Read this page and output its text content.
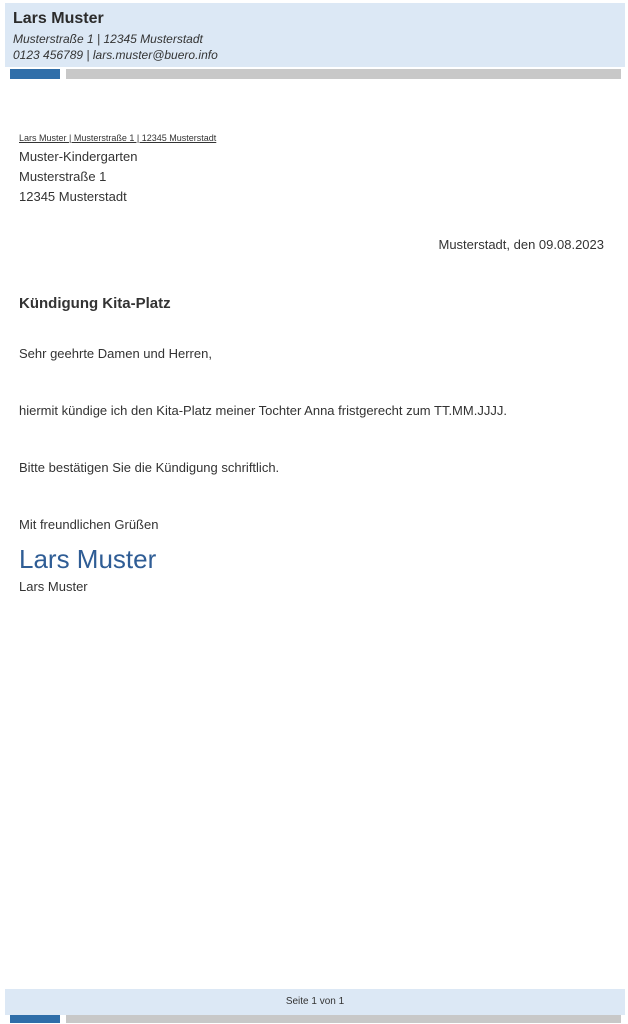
Lars Muster
Musterstraße 1 | 12345 Musterstadt
0123 456789 | lars.muster@buero.info
Lars Muster | Musterstraße 1 | 12345 Musterstadt
Muster-Kindergarten
Musterstraße 1
12345 Musterstadt
Musterstadt, den 09.08.2023
Kündigung Kita-Platz
Sehr geehrte Damen und Herren,
hiermit kündige ich den Kita-Platz meiner Tochter Anna fristgerecht zum TT.MM.JJJJ.
Bitte bestätigen Sie die Kündigung schriftlich.
Mit freundlichen Grüßen
Lars Muster
Lars Muster
Seite 1 von 1
